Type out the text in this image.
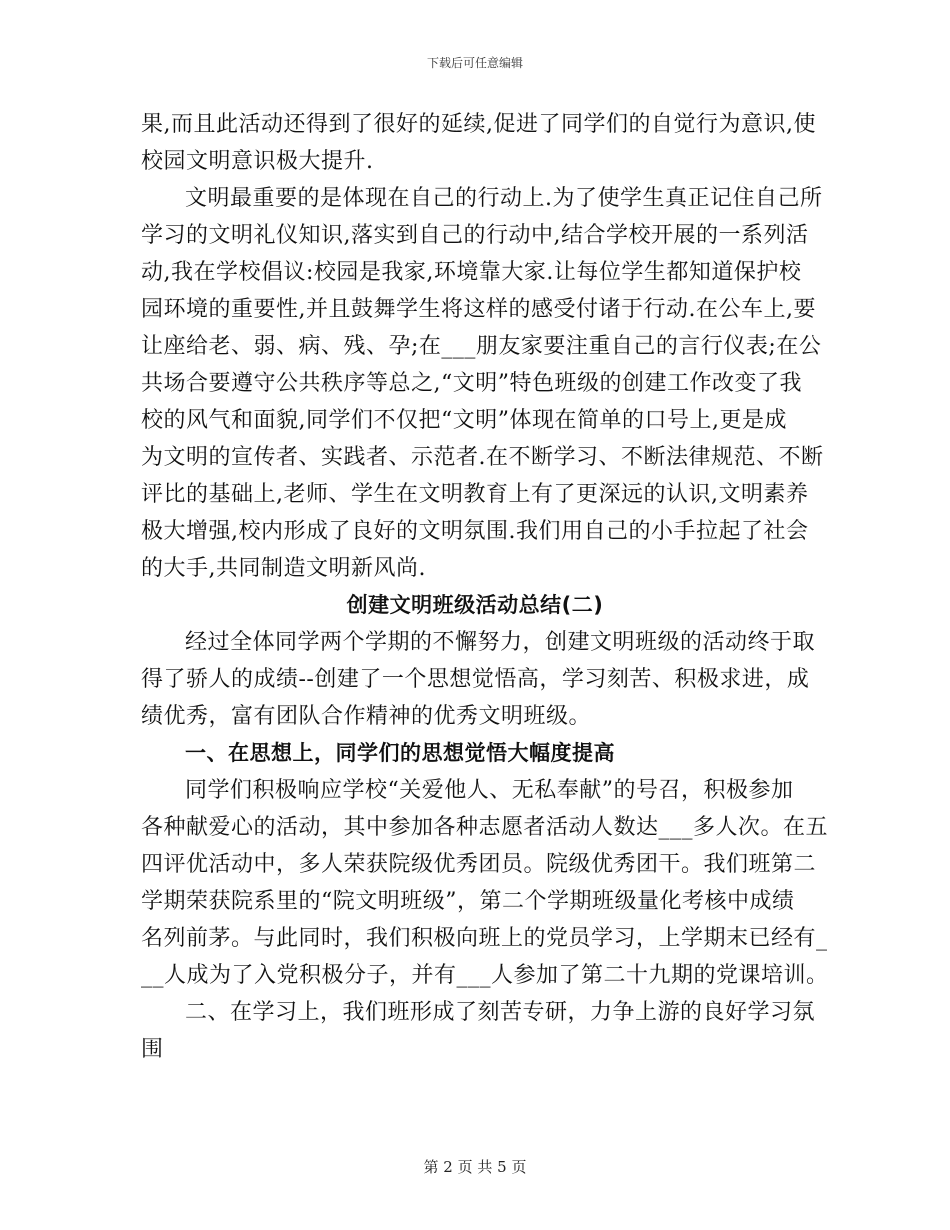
下载后可任意编辑
果,而且此活动还得到了很好的延续,促进了同学们的自觉行为意识,使
校园文明意识极大提升.
文明最重要的是体现在自己的行动上.为了使学生真正记住自己所
学习的文明礼仪知识,落实到自己的行动中,结合学校开展的一系列活
动,我在学校倡议:校园是我家,环境靠大家.让每位学生都知道保护校
园环境的重要性,并且鼓舞学生将这样的感受付诸于行动.在公车上,要
让座给老、弱、病、残、孕;在___朋友家要注重自己的言行仪表;在公
共场合要遵守公共秩序等总之,“文明”特色班级的创建工作改变了我
校的风气和面貌,同学们不仅把“文明”体现在简单的口号上,更是成
为文明的宣传者、实践者、示范者.在不断学习、不断法律规范、不断
评比的基础上,老师、学生在文明教育上有了更深远的认识,文明素养
极大增强,校内形成了良好的文明氛围.我们用自己的小手拉起了社会
的大手,共同制造文明新风尚.
创建文明班级活动总结(二)
经过全体同学两个学期的不懈努力，创建文明班级的活动终于取
得了骄人的成绩--创建了一个思想觉悟高，学习刻苦、积极求进，成
绩优秀，富有团队合作精神的优秀文明班级。
一、在思想上，同学们的思想觉悟大幅度提高
同学们积极响应学校“关爱他人、无私奉献”的号召，积极参加
各种献爱心的活动，其中参加各种志愿者活动人数达___多人次。在五
四评优活动中，多人荣获院级优秀团员。院级优秀团干。我们班第二
学期荣获院系里的“院文明班级”，第二个学期班级量化考核中成绩
名列前茅。与此同时，我们积极向班上的党员学习，上学期末已经有_
__人成为了入党积极分子，并有___人参加了第二十九期的党课培训。
二、在学习上，我们班形成了刻苦专研，力争上游的良好学习氛
围
第 2 页 共 5 页
